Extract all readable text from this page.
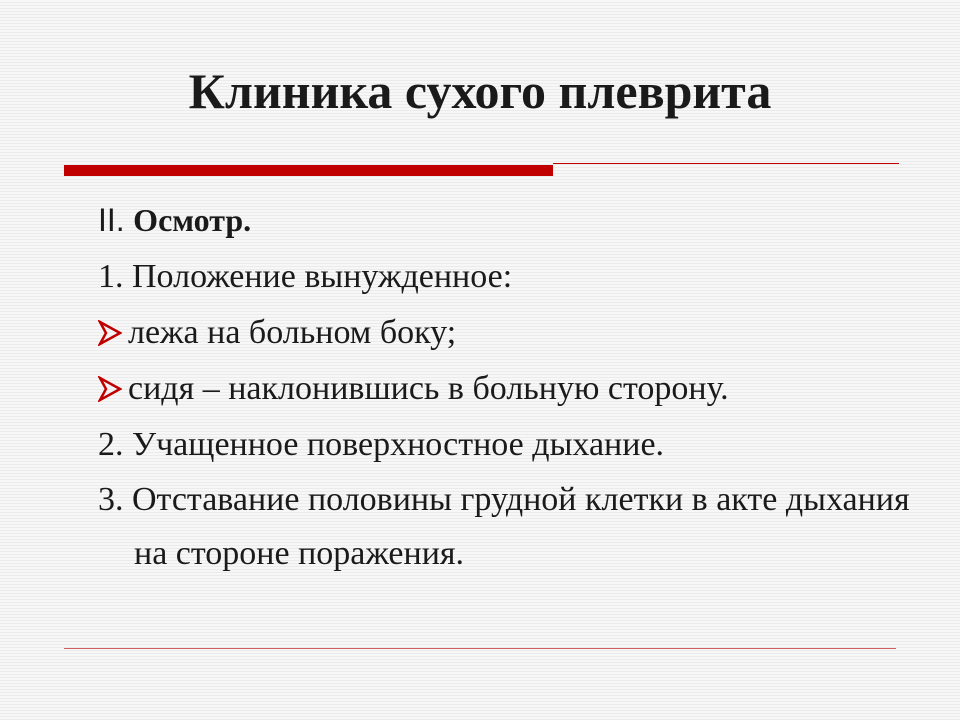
Клиника сухого плеврита
II. Осмотр.
1. Положение вынужденное:
лежа на больном боку;
сидя – наклонившись в больную сторону.
2. Учащенное поверхностное дыхание.
3. Отставание половины грудной клетки в акте дыхания на стороне поражения.
